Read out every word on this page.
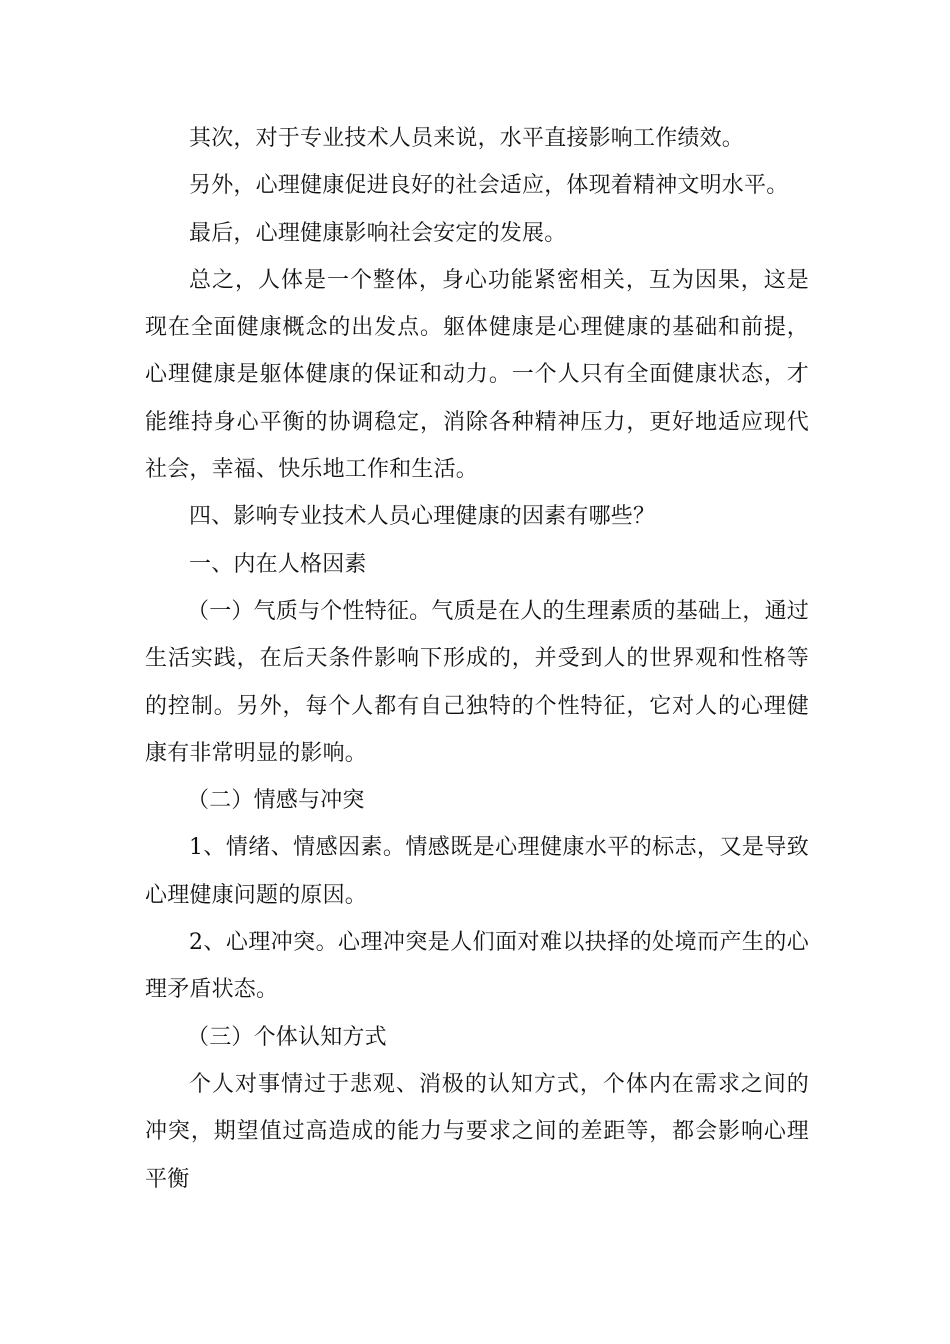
其次，对于专业技术人员来说，水平直接影响工作绩效。

另外，心理健康促进良好的社会适应，体现着精神文明水平。

最后，心理健康影响社会安定的发展。

总之，人体是一个整体，身心功能紧密相关，互为因果，这是现在全面健康概念的出发点。躯体健康是心理健康的基础和前提，心理健康是躯体健康的保证和动力。一个人只有全面健康状态，才能维持身心平衡的协调稳定，消除各种精神压力，更好地适应现代社会，幸福、快乐地工作和生活。

四、影响专业技术人员心理健康的因素有哪些？

一、内在人格因素

（一）气质与个性特征。气质是在人的生理素质的基础上，通过生活实践，在后天条件影响下形成的，并受到人的世界观和性格等的控制。另外，每个人都有自己独特的个性特征，它对人的心理健康有非常明显的影响。

（二）情感与冲突

1、情绪、情感因素。情感既是心理健康水平的标志，又是导致心理健康问题的原因。

2、心理冲突。心理冲突是人们面对难以抉择的处境而产生的心理矛盾状态。

（三）个体认知方式

个人对事情过于悲观、消极的认知方式，个体内在需求之间的冲突，期望值过高造成的能力与要求之间的差距等，都会影响心理平衡
